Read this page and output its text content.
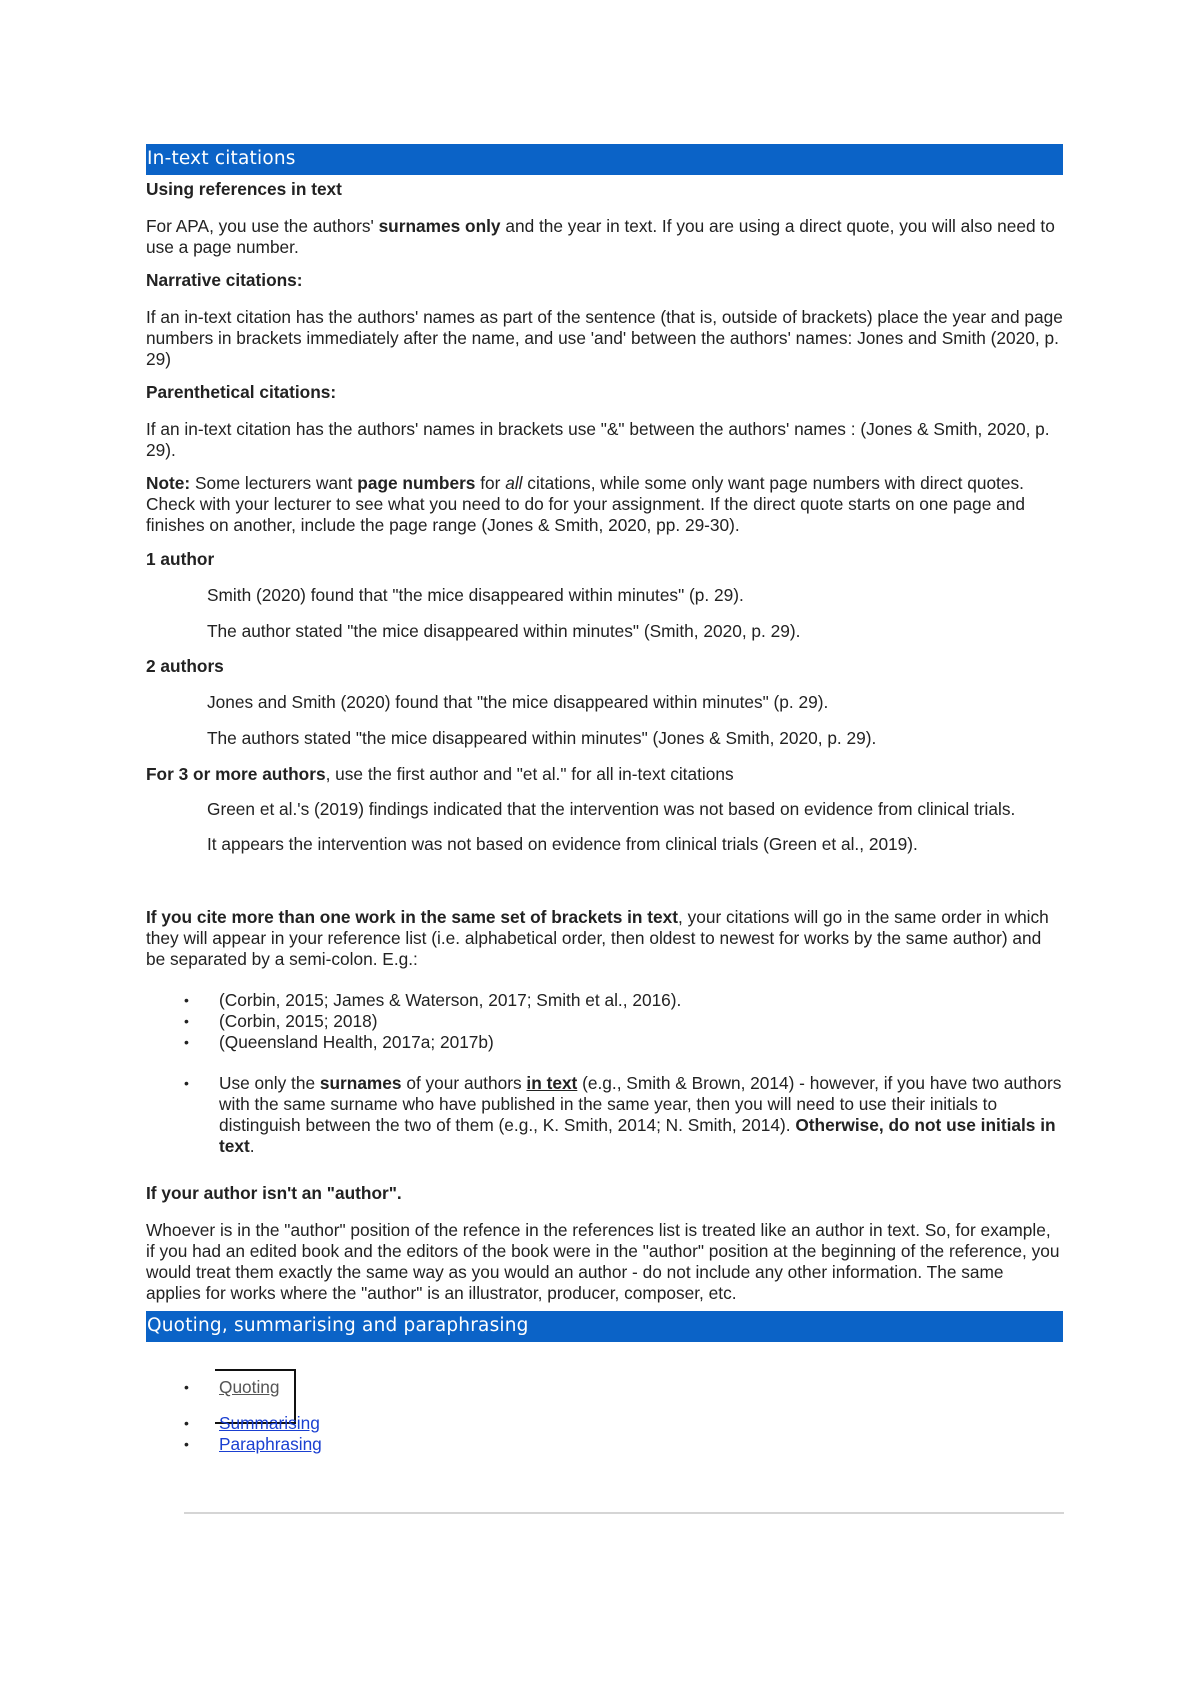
In-text citations

Using references in text

For APA, you use the authors' surnames only and the year in text. If you are using a direct quote, you will also need to use a page number.

Narrative citations:

If an in-text citation has the authors' names as part of the sentence (that is, outside of brackets) place the year and page numbers in brackets immediately after the name, and use 'and' between the authors' names: Jones and Smith (2020, p. 29)

Parenthetical citations:

If an in-text citation has the authors' names in brackets use "&" between the authors' names : (Jones & Smith, 2020, p. 29).

Note: Some lecturers want page numbers for all citations, while some only want page numbers with direct quotes. Check with your lecturer to see what you need to do for your assignment. If the direct quote starts on one page and finishes on another, include the page range (Jones & Smith, 2020, pp. 29-30).

1 author

Smith (2020) found that "the mice disappeared within minutes" (p. 29).

The author stated "the mice disappeared within minutes" (Smith, 2020, p. 29).

2 authors

Jones and Smith (2020) found that "the mice disappeared within minutes" (p. 29).

The authors stated "the mice disappeared within minutes" (Jones & Smith, 2020, p. 29).

For 3 or more authors, use the first author and "et al." for all in-text citations

Green et al.'s (2019) findings indicated that the intervention was not based on evidence from clinical trials.

It appears the intervention was not based on evidence from clinical trials (Green et al., 2019).

If you cite more than one work in the same set of brackets in text, your citations will go in the same order in which they will appear in your reference list (i.e. alphabetical order, then oldest to newest for works by the same author) and be separated by a semi-colon. E.g.:

• (Corbin, 2015; James & Waterson, 2017; Smith et al., 2016).
• (Corbin, 2015; 2018)
• (Queensland Health, 2017a; 2017b)
• Use only the surnames of your authors in text (e.g., Smith & Brown, 2014) - however, if you have two authors with the same surname who have published in the same year, then you will need to use their initials to distinguish between the two of them (e.g., K. Smith, 2014; N. Smith, 2014). Otherwise, do not use initials in text.

If your author isn't an "author".

Whoever is in the "author" position of the refence in the references list is treated like an author in text. So, for example, if you had an edited book and the editors of the book were in the "author" position at the beginning of the reference, you would treat them exactly the same way as you would an author - do not include any other information. The same applies for works where the "author" is an illustrator, producer, composer, etc.

Quoting, summarising and paraphrasing
• Quoting
• Summarising
• Paraphrasing
